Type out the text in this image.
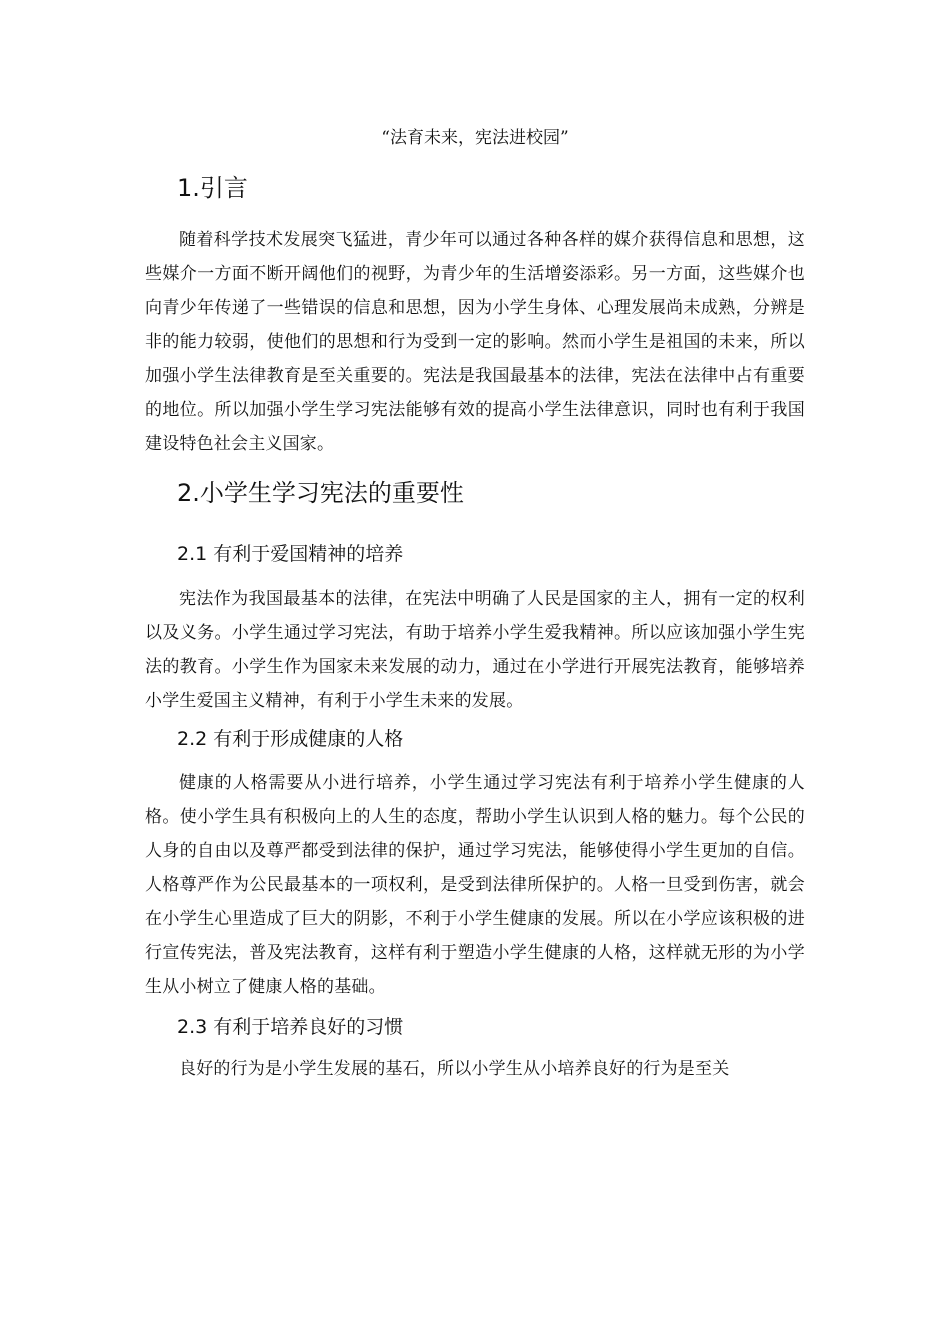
“法育未来，宪法进校园”
1.引言

随着科学技术发展突飞猛进，青少年可以通过各种各样的媒介获得信息和思想，这些媒介一方面不断开阔他们的视野，为青少年的生活增姿添彩。另一方面，这些媒介也向青少年传递了一些错误的信息和思想，因为小学生身体、心理发展尚未成熟，分辨是非的能力较弱，使他们的思想和行为受到一定的影响。然而小学生是祖国的未来，所以加强小学生法律教育是至关重要的。宪法是我国最基本的法律，宪法在法律中占有重要的地位。所以加强小学生学习宪法能够有效的提高小学生法律意识，同时也有利于我国建设特色社会主义国家。

2.小学生学习宪法的重要性
2.1 有利于爱国精神的培养

宪法作为我国最基本的法律，在宪法中明确了人民是国家的主人，拥有一定的权利以及义务。小学生通过学习宪法，有助于培养小学生爱我精神。所以应该加强小学生宪法的教育。小学生作为国家未来发展的动力，通过在小学进行开展宪法教育，能够培养小学生爱国主义精神，有利于小学生未来的发展。

2.2 有利于形成健康的人格

健康的人格需要从小进行培养，小学生通过学习宪法有利于培养小学生健康的人格。使小学生具有积极向上的人生的态度，帮助小学生认识到人格的魅力。每个公民的人身的自由以及尊严都受到法律的保护，通过学习宪法，能够使得小学生更加的自信。人格尊严作为公民最基本的一项权利，是受到法律所保护的。人格一旦受到伤害，就会在小学生心里造成了巨大的阴影，不利于小学生健康的发展。所以在小学应该积极的进行宣传宪法，普及宪法教育，这样有利于塑造小学生健康的人格，这样就无形的为小学生从小树立了健康人格的基础。

2.3 有利于培养良好的习惯

良好的行为是小学生发展的基石，所以小学生从小培养良好的行为是至关
